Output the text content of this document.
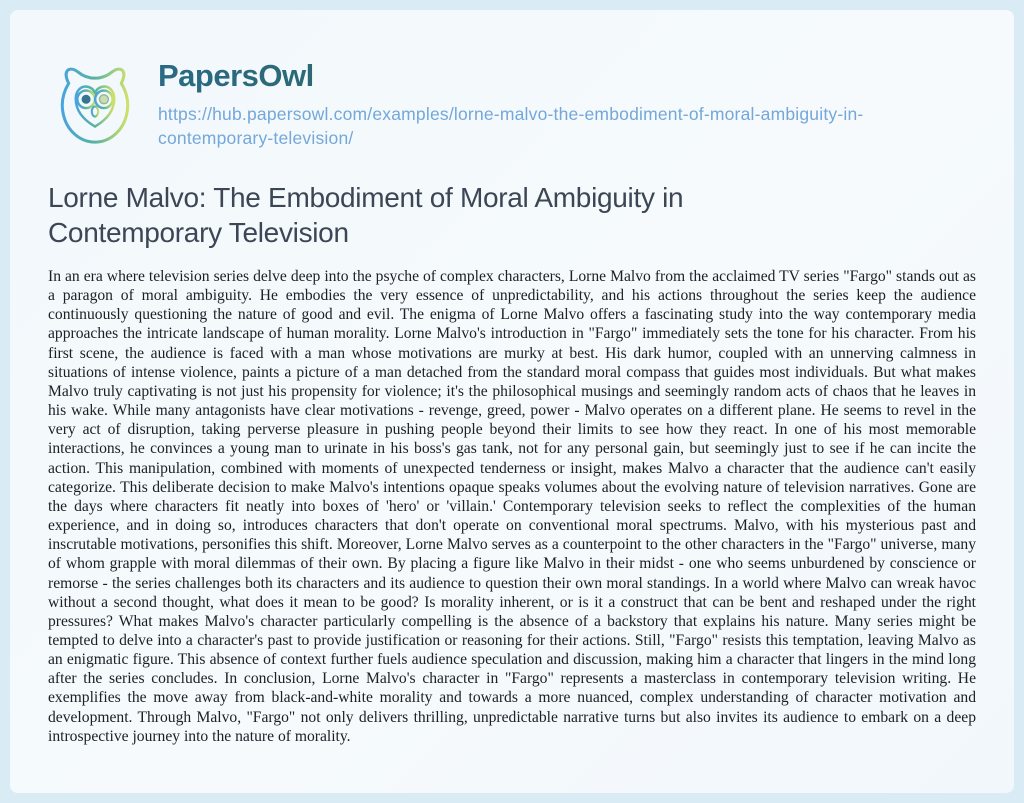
PapersOwl
https://hub.papersowl.com/examples/lorne-malvo-the-embodiment-of-moral-ambiguity-in-contemporary-television/
Lorne Malvo: The Embodiment of Moral Ambiguity in Contemporary Television

In an era where television series delve deep into the psyche of complex characters, Lorne Malvo from the acclaimed TV series "Fargo" stands out as a paragon of moral ambiguity. He embodies the very essence of unpredictability, and his actions throughout the series keep the audience continuously questioning the nature of good and evil. The enigma of Lorne Malvo offers a fascinating study into the way contemporary media approaches the intricate landscape of human morality. Lorne Malvo's introduction in "Fargo" immediately sets the tone for his character. From his first scene, the audience is faced with a man whose motivations are murky at best. His dark humor, coupled with an unnerving calmness in situations of intense violence, paints a picture of a man detached from the standard moral compass that guides most individuals. But what makes Malvo truly captivating is not just his propensity for violence; it's the philosophical musings and seemingly random acts of chaos that he leaves in his wake. While many antagonists have clear motivations - revenge, greed, power - Malvo operates on a different plane. He seems to revel in the very act of disruption, taking perverse pleasure in pushing people beyond their limits to see how they react. In one of his most memorable interactions, he convinces a young man to urinate in his boss's gas tank, not for any personal gain, but seemingly just to see if he can incite the action. This manipulation, combined with moments of unexpected tenderness or insight, makes Malvo a character that the audience can't easily categorize. This deliberate decision to make Malvo's intentions opaque speaks volumes about the evolving nature of television narratives. Gone are the days where characters fit neatly into boxes of 'hero' or 'villain.' Contemporary television seeks to reflect the complexities of the human experience, and in doing so, introduces characters that don't operate on conventional moral spectrums. Malvo, with his mysterious past and inscrutable motivations, personifies this shift. Moreover, Lorne Malvo serves as a counterpoint to the other characters in the "Fargo" universe, many of whom grapple with moral dilemmas of their own. By placing a figure like Malvo in their midst - one who seems unburdened by conscience or remorse - the series challenges both its characters and its audience to question their own moral standings. In a world where Malvo can wreak havoc without a second thought, what does it mean to be good? Is morality inherent, or is it a construct that can be bent and reshaped under the right pressures? What makes Malvo's character particularly compelling is the absence of a backstory that explains his nature. Many series might be tempted to delve into a character's past to provide justification or reasoning for their actions. Still, "Fargo" resists this temptation, leaving Malvo as an enigmatic figure. This absence of context further fuels audience speculation and discussion, making him a character that lingers in the mind long after the series concludes. In conclusion, Lorne Malvo's character in "Fargo" represents a masterclass in contemporary television writing. He exemplifies the move away from black-and-white morality and towards a more nuanced, complex understanding of character motivation and development. Through Malvo, "Fargo" not only delivers thrilling, unpredictable narrative turns but also invites its audience to embark on a deep introspective journey into the nature of morality.
